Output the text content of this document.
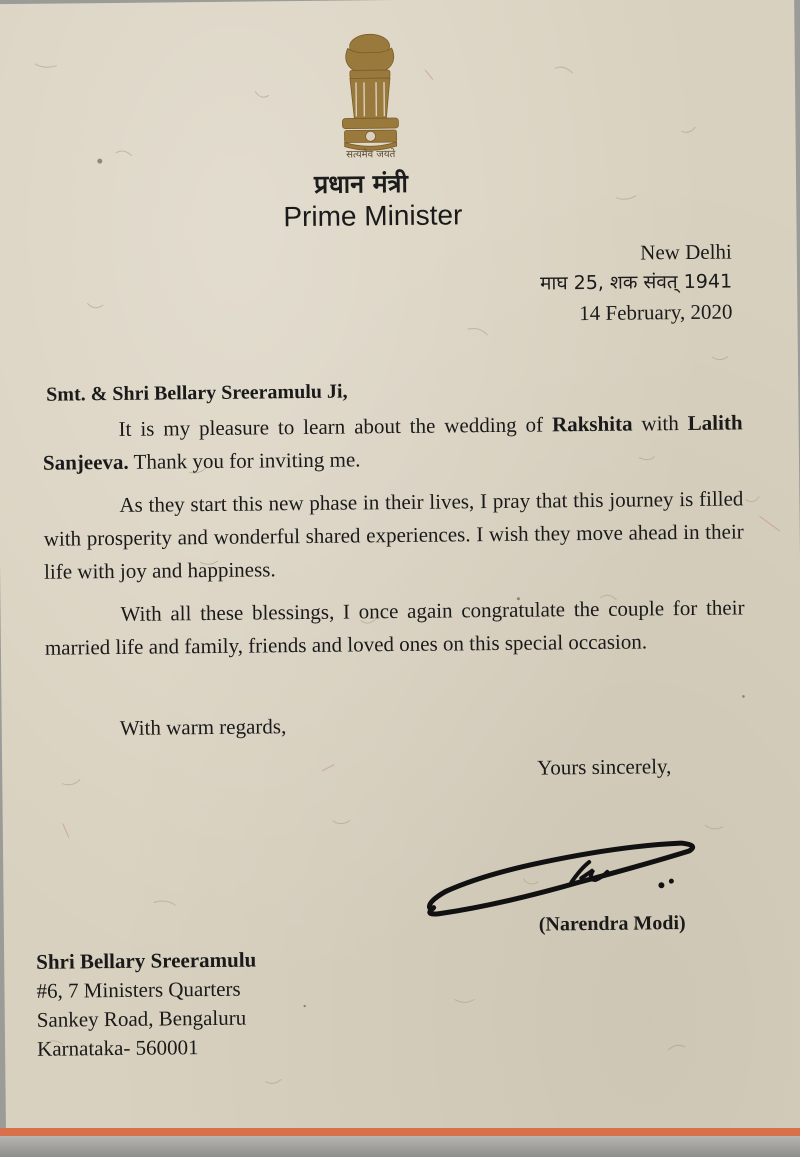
सत्यमेव जयते
प्रधान मंत्री
Prime Minister
New Delhi
माघ 25, शक संवत् 1941
14 February, 2020
Smt. & Shri Bellary Sreeramulu Ji,

It is my pleasure to learn about the wedding of Rakshita with Lalith Sanjeeva. Thank you for inviting me.

As they start this new phase in their lives, I pray that this journey is filled with prosperity and wonderful shared experiences. I wish they move ahead in their life with joy and happiness.

With all these blessings, I once again congratulate the couple for their married life and family, friends and loved ones on this special occasion.

With warm regards,
Yours sincerely,
(Narendra Modi)
Shri Bellary Sreeramulu
#6, 7 Ministers Quarters
Sankey Road, Bengaluru
Karnataka- 560001
